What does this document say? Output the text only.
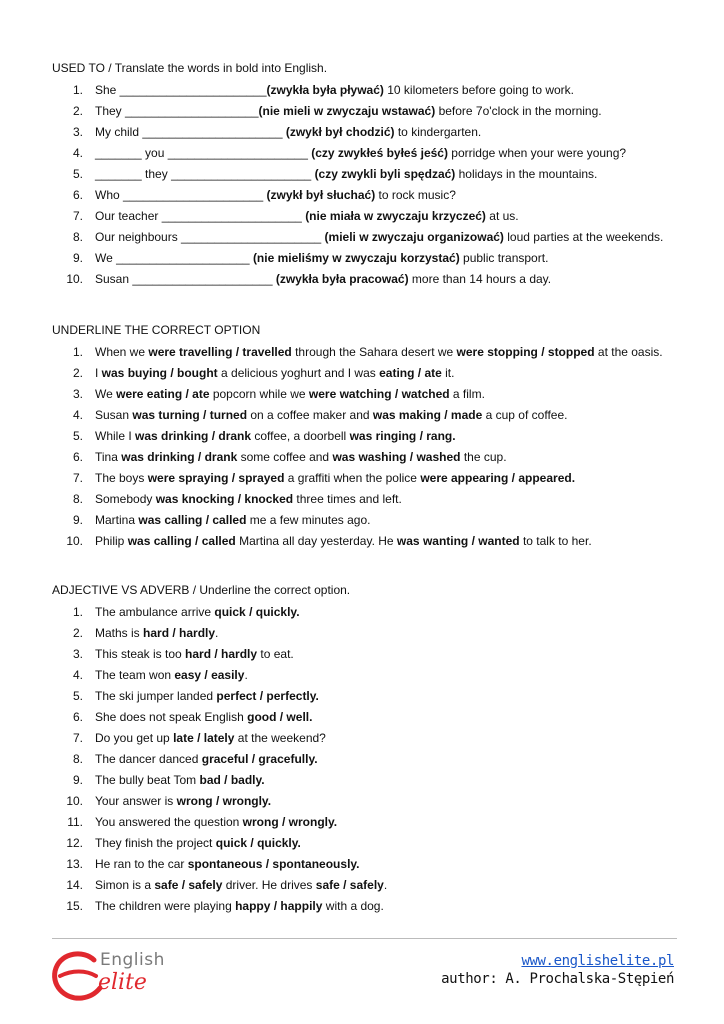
USED TO / Translate the words in bold into English.

1. She ______________________(zwykła była pływać) 10 kilometers before going to work.
2. They ____________________(nie mieli w zwyczaju wstawać) before 7o'clock in the morning.
3. My child _____________________ (zwykł był chodzić) to kindergarten.
4. _______ you _____________________ (czy zwykłeś byłeś jeść) porridge when your were young?
5. _______ they _____________________ (czy zwykli byli spędzać) holidays in the mountains.
6. Who _____________________ (zwykł był słuchać) to rock music?
7. Our teacher _____________________ (nie miała w zwyczaju krzyczeć) at us.
8. Our neighbours _____________________ (mieli w zwyczaju organizować) loud parties at the weekends.
9. We ____________________ (nie mieliśmy w zwyczaju korzystać) public transport.
10. Susan _____________________ (zwykła była pracować) more than 14 hours a day.

UNDERLINE THE CORRECT OPTION

1. When we were travelling / travelled through the Sahara desert we were stopping / stopped at the oasis.
2. I was buying / bought a delicious yoghurt and I was eating / ate it.
3. We were eating / ate popcorn while we were watching / watched a film.
4. Susan was turning / turned on a coffee maker and was making / made a cup of coffee.
5. While I was drinking / drank coffee, a doorbell was ringing / rang.
6. Tina was drinking / drank some coffee and was washing / washed the cup.
7. The boys were spraying / sprayed a graffiti when the police were appearing / appeared.
8. Somebody was knocking / knocked three times and left.
9. Martina was calling / called me a few minutes ago.
10. Philip was calling / called Martina all day yesterday. He was wanting / wanted to talk to her.

ADJECTIVE VS ADVERB / Underline the correct option.

1. The ambulance arrive quick / quickly.
2. Maths is hard / hardly.
3. This steak is too hard / hardly to eat.
4. The team won easy / easily.
5. The ski jumper landed perfect / perfectly.
6. She does not speak English good / well.
7. Do you get up late / lately at the weekend?
8. The dancer danced graceful / gracefully.
9. The bully beat Tom bad / badly.
10. Your answer is wrong / wrongly.
11. You answered the question wrong / wrongly.
12. They finish the project quick / quickly.
13. He ran to the car spontaneous / spontaneously.
14. Simon is a safe / safely driver. He drives safe / safely.
15. The children were playing happy / happily with a dog.
English
elite
www.englishelite.pl
author: A. Prochalska-Stępień
